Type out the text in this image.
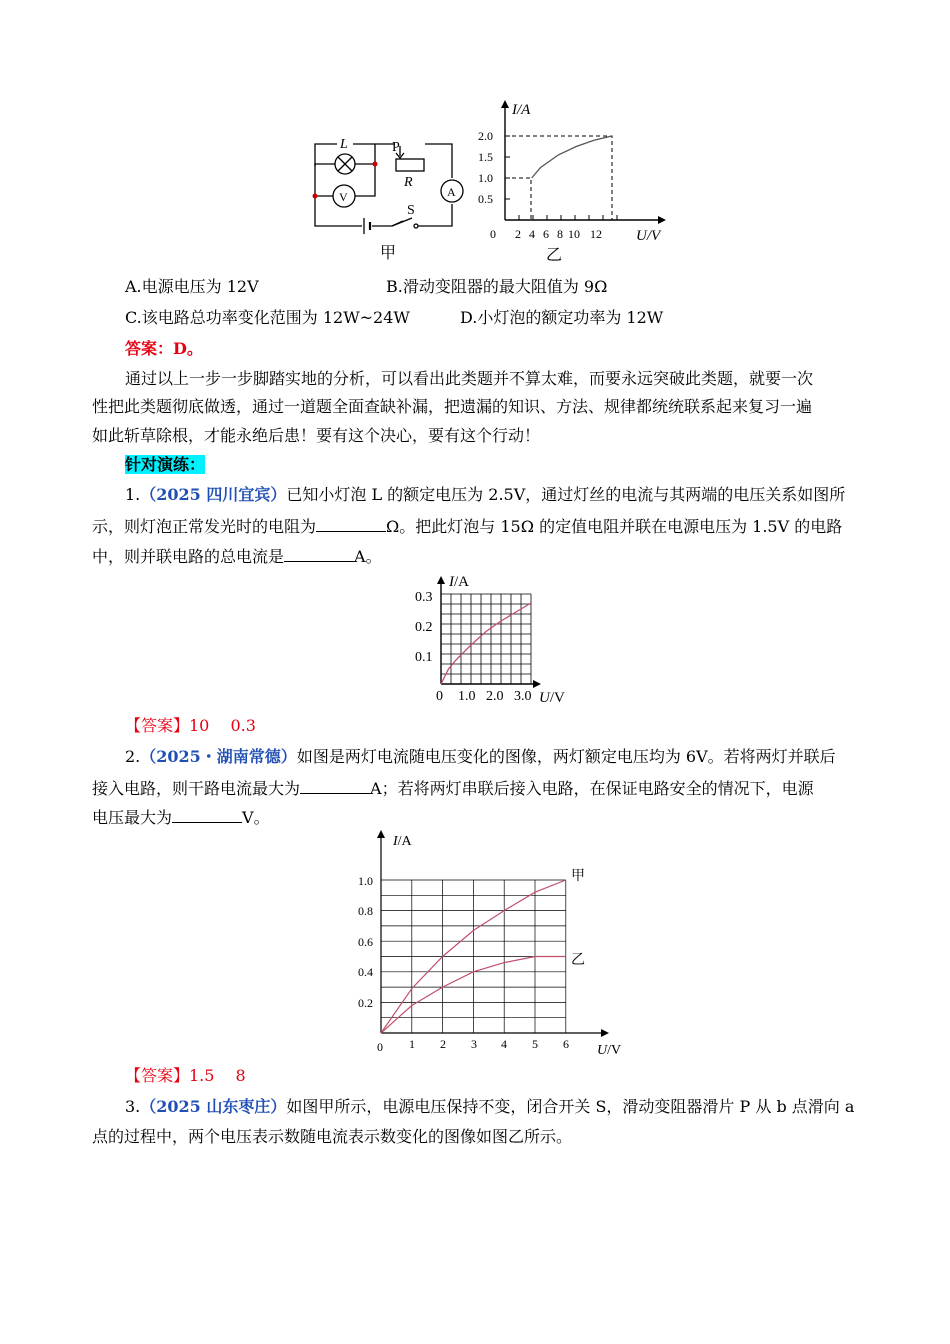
L
V	A
P
R
S
甲
I/A
U/V
2.0
1.5
1.0
0.5
0 2 4 6 8 10 12
乙
A.电源电压为 12V	B.滑动变阻器的最大阻值为 9Ω
C.该电路总功率变化范围为 12W~24W	D.小灯泡的额定功率为 12W
答案：D。
通过以上一步一步脚踏实地的分析，可以看出此类题并不算太难，而要永远突破此类题，就要一次
性把此类题彻底做透，通过一道题全面查缺补漏，把遗漏的知识、方法、规律都统统联系起来复习一遍
如此斩草除根，才能永绝后患！要有这个决心，要有这个行动！
针对演练：
1.（2025 四川宜宾）已知小灯泡 L 的额定电压为 2.5V，通过灯丝的电流与其两端的电压关系如图所
示，则灯泡正常发光时的电阻为	Ω。把此灯泡与 15Ω 的定值电阻并联在电源电压为 1.5V 的电路
中，则并联电路的总电流是	A。
I/A
U/V
0.3
0.2
0.1
0 1.0 2.0 3.0
【答案】10　 0.3
2.（2025・湖南常德）如图是两灯电流随电压变化的图像，两灯额定电压均为 6V。若将两灯并联后
接入电路，则干路电流最大为	A；若将两灯串联后接入电路，在保证电路安全的情况下，电源
电压最大为	V。
甲
乙
I/A
U/V
1.0
0.8
0.6
0.4
0.2
0 1 2 3 4 5 6
【答案】1.5　 8
3.（2025 山东枣庄）如图甲所示，电源电压保持不变，闭合开关 S，滑动变阻器滑片 P 从 b 点滑向 a
点的过程中，两个电压表示数随电流表示数变化的图像如图乙所示。
